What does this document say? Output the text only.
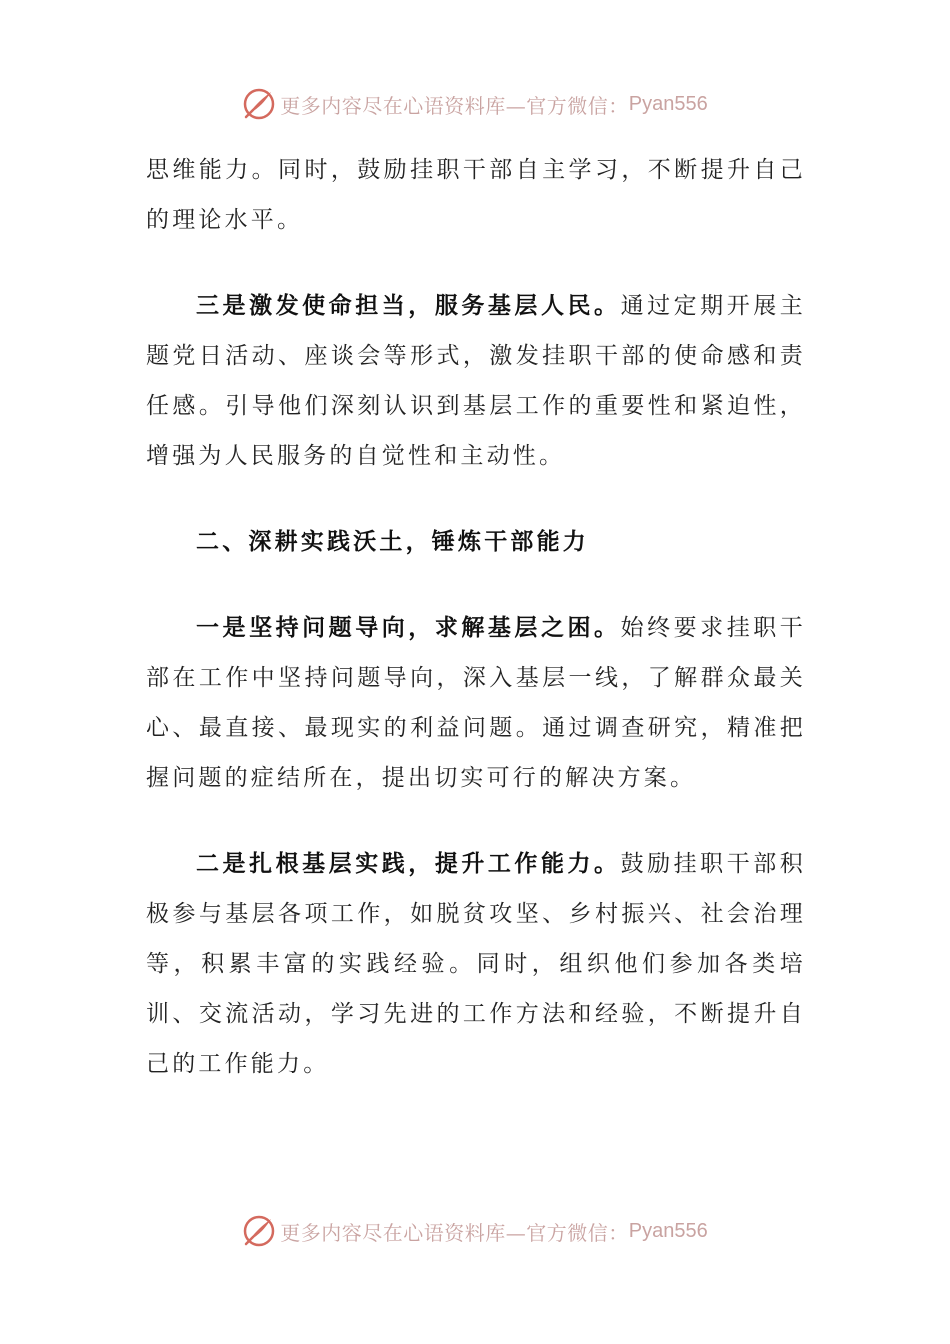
更多内容尽在心语资料库—官方微信： Pyan556

思维能力。同时，鼓励挂职干部自主学习，不断提升自己的理论水平。

三是激发使命担当，服务基层人民。通过定期开展主题党日活动、座谈会等形式，激发挂职干部的使命感和责任感。引导他们深刻认识到基层工作的重要性和紧迫性，增强为人民服务的自觉性和主动性。

二、深耕实践沃土，锤炼干部能力

一是坚持问题导向，求解基层之困。始终要求挂职干部在工作中坚持问题导向，深入基层一线，了解群众最关心、最直接、最现实的利益问题。通过调查研究，精准把握问题的症结所在，提出切实可行的解决方案。

二是扎根基层实践，提升工作能力。鼓励挂职干部积极参与基层各项工作，如脱贫攻坚、乡村振兴、社会治理等，积累丰富的实践经验。同时，组织他们参加各类培训、交流活动，学习先进的工作方法和经验，不断提升自己的工作能力。

更多内容尽在心语资料库—官方微信： Pyan556
